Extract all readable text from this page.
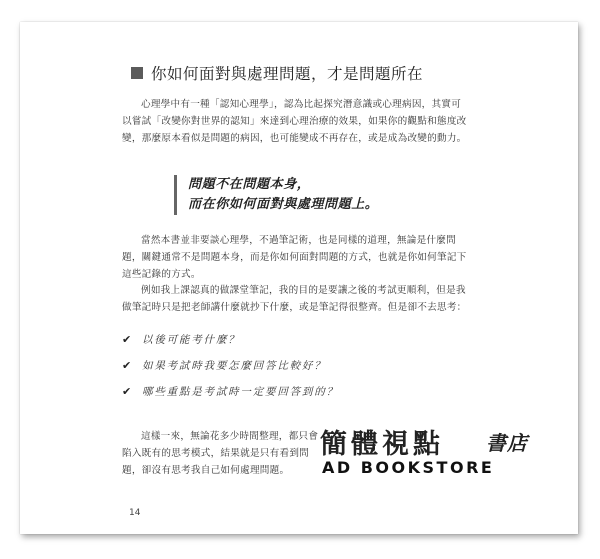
你如何面對與處理問題，才是問題所在
心理學中有一種「認知心理學」，認為比起探究潛意識或心理病因，其實可以嘗試「改變你對世界的認知」來達到心理治療的效果，如果你的觀點和態度改變，那麼原本看似是問題的病因，也可能變成不再存在，或是成為改變的動力。
問題不在問題本身，
而在你如何面對與處理問題上。
當然本書並非要談心理學，不過筆記術，也是同樣的道理，無論是什麼問題，關鍵通常不是問題本身，而是你如何面對問題的方式，也就是你如何筆記下這些記錄的方式。
例如我上課認真的做課堂筆記，我的目的是要讓之後的考試更順利，但是我做筆記時只是把老師講什麼就抄下什麼，或是筆記得很整齊。但是卻不去思考：
✔ 以後可能考什麼？
✔ 如果考試時我要怎麼回答比較好？
✔ 哪些重點是考試時一定要回答到的？
這樣一來，無論花多少時間整理，都只會陷入既有的思考模式，結果就是只有看到問題，卻沒有思考我自己如何處理問題。
14
簡體視點 書店
AD BOOKSTORE
